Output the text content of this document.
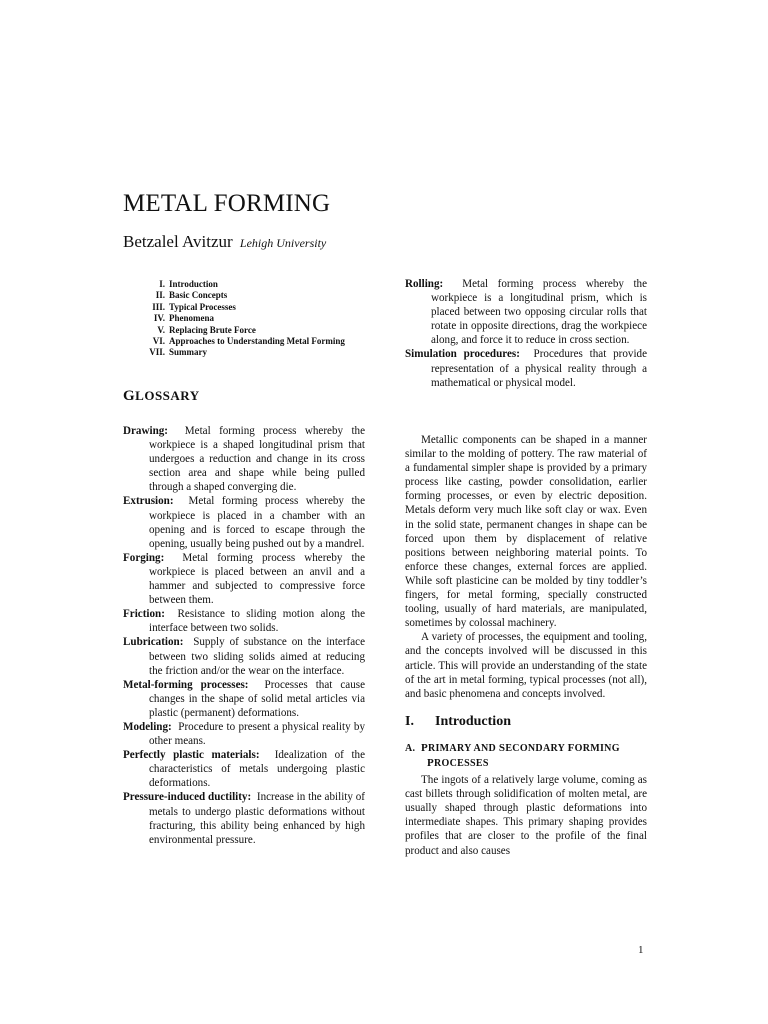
METAL FORMING
Betzalel Avitzur Lehigh University
I. Introduction
II. Basic Concepts
III. Typical Processes
IV. Phenomena
V. Replacing Brute Force
VI. Approaches to Understanding Metal Forming
VII. Summary
GLOSSARY

Drawing: Metal forming process whereby the workpiece is a shaped longitudinal prism that undergoes a reduction and change in its cross section area and shape while being pulled through a shaped converging die.

Extrusion: Metal forming process whereby the workpiece is placed in a chamber with an opening and is forced to escape through the opening, usually being pushed out by a mandrel.

Forging: Metal forming process whereby the workpiece is placed between an anvil and a hammer and subjected to compressive force between them.

Friction: Resistance to sliding motion along the interface between two solids.

Lubrication: Supply of substance on the interface between two sliding solids aimed at reducing the friction and/or the wear on the interface.

Metal-forming processes: Processes that cause changes in the shape of solid metal articles via plastic (permanent) deformations.

Modeling: Procedure to present a physical reality by other means.

Perfectly plastic materials: Idealization of the characteristics of metals undergoing plastic deformations.

Pressure-induced ductility: Increase in the ability of metals to undergo plastic deformations without fracturing, this ability being enhanced by high environmental pressure.

Rolling: Metal forming process whereby the workpiece is a longitudinal prism, which is placed between two opposing circular rolls that rotate in opposite directions, drag the workpiece along, and force it to reduce in cross section.

Simulation procedures: Procedures that provide representation of a physical reality through a mathematical or physical model.

Metallic components can be shaped in a manner similar to the molding of pottery. The raw material of a fundamental simpler shape is provided by a primary process like casting, powder consolidation, earlier forming processes, or even by electric deposition. Metals deform very much like soft clay or wax. Even in the solid state, permanent changes in shape can be forced upon them by displacement of relative positions between neighboring material points. To enforce these changes, external forces are applied. While soft plasticine can be molded by tiny toddler’s fingers, for metal forming, specially constructed tooling, usually of hard materials, are manipulated, sometimes by colossal machinery.

A variety of processes, the equipment and tooling, and the concepts involved will be discussed in this article. This will provide an understanding of the state of the art in metal forming, typical processes (not all), and basic phenomena and concepts involved.

I. Introduction
A. PRIMARY AND SECONDARY FORMING
PROCESSES

The ingots of a relatively large volume, coming as cast billets through solidification of molten metal, are usually shaped through plastic deformations into intermediate shapes. This primary shaping provides profiles that are closer to the profile of the final product and also causes

1
